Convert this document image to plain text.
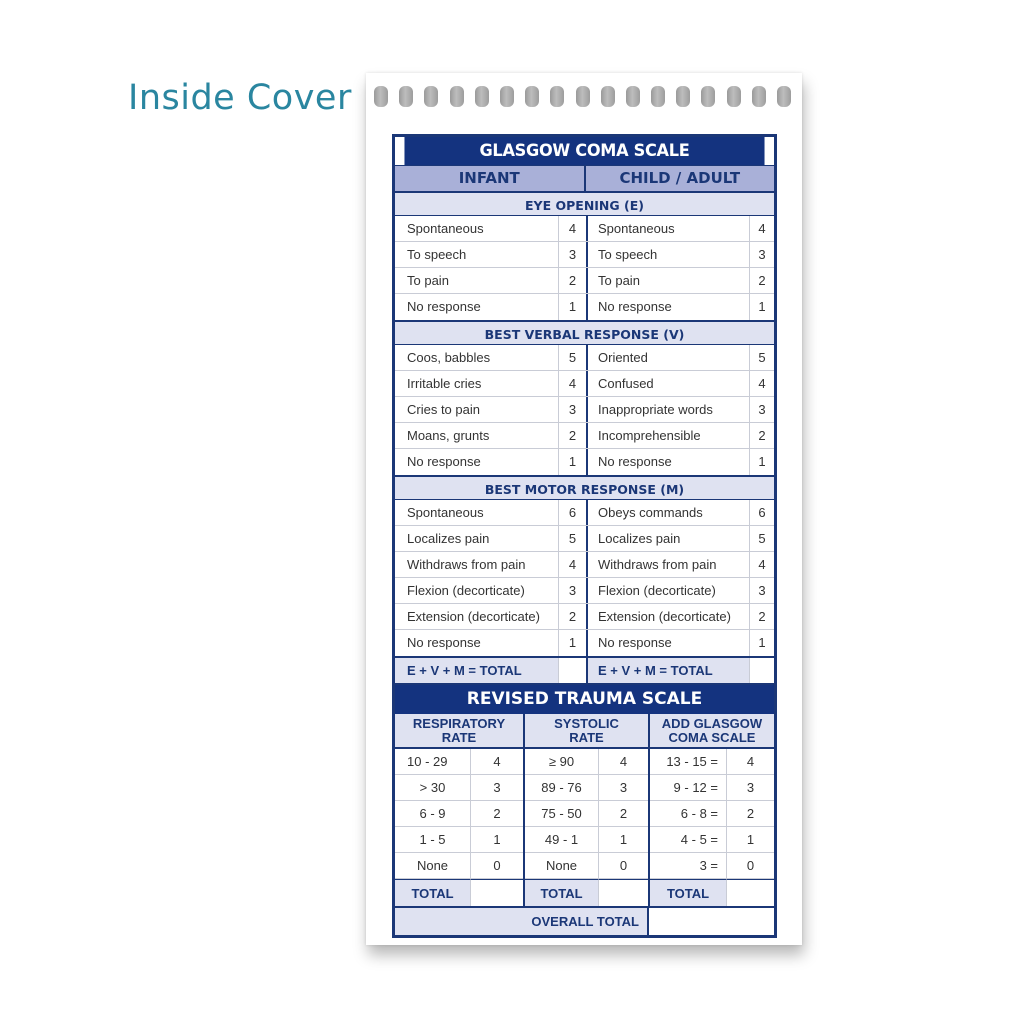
Inside Cover
GLASGOW COMA SCALE
INFANT	CHILD / ADULT
EYE OPENING (E)
Spontaneous	4	Spontaneous	4
To speech	3	To speech	3
To pain	2	To pain	2
No response	1	No response	1
BEST VERBAL RESPONSE (V)
Coos, babbles	5	Oriented	5
Irritable cries	4	Confused	4
Cries to pain	3	Inappropriate words	3
Moans, grunts	2	Incomprehensible	2
No response	1	No response	1
BEST MOTOR RESPONSE (M)
Spontaneous	6	Obeys commands	6
Localizes pain	5	Localizes pain	5
Withdraws from pain	4	Withdraws from pain	4
Flexion (decorticate)	3	Flexion (decorticate)	3
Extension (decorticate)	2	Extension (decorticate)	2
No response	1	No response	1
E + V + M = TOTAL	E + V + M = TOTAL
REVISED TRAUMA SCALE
RESPIRATORY
RATE
SYSTOLIC
RATE
ADD GLASGOW
COMA SCALE
10 - 29	4	≥ 90	4	13 - 15 =	4
> 30	3	89 - 76	3	9 - 12 =	3
6 - 9	2	75 - 50	2	6 - 8 =	2
1 - 5	1	49 - 1	1	4 - 5 =	1
None	0	None	0	3 =	0
TOTAL	TOTAL	TOTAL
OVERALL TOTAL
